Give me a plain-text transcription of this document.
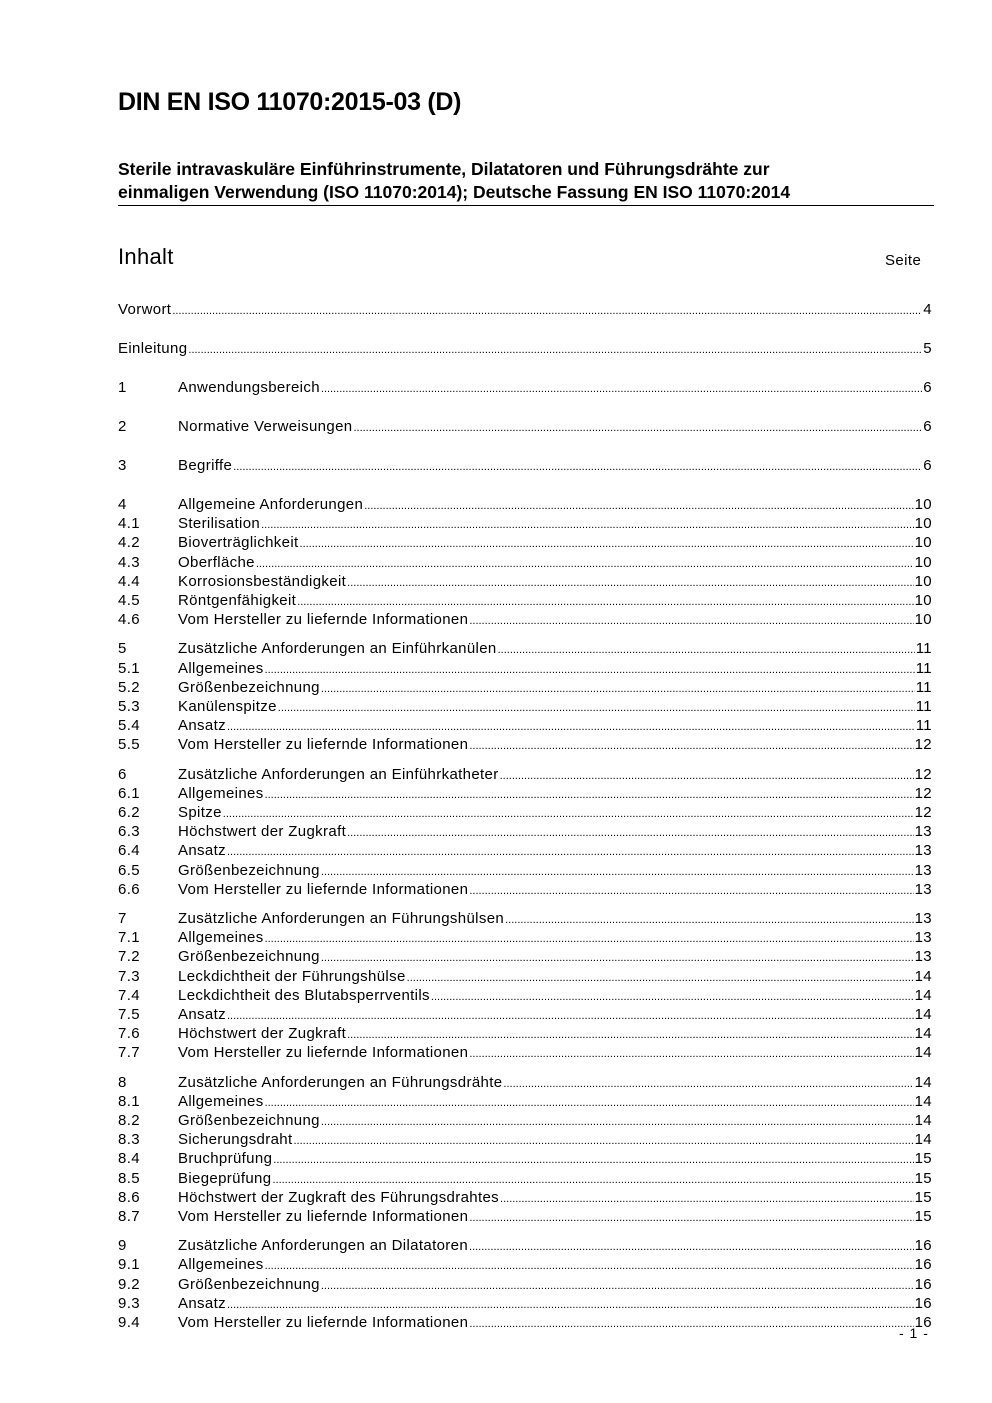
DIN EN ISO 11070:2015-03 (D)
Sterile intravaskuläre Einführinstrumente, Dilatatoren und Führungsdrähte zur
einmaligen Verwendung (ISO 11070:2014); Deutsche Fassung EN ISO 11070:2014
Inhalt	Seite
Vorwort .....	4
Einleitung .....	5
1	Anwendungsbereich .....	6
2	Normative Verweisungen .....	6
3	Begriffe .....	6
4	Allgemeine Anforderungen .....	10
4.1	Sterilisation .....	10
4.2	Bioverträglichkeit .....	10
4.3	Oberfläche .....	10
4.4	Korrosionsbeständigkeit .....	10
4.5	Röntgenfähigkeit .....	10
4.6	Vom Hersteller zu liefernde Informationen .....	10
5	Zusätzliche Anforderungen an Einführkanülen .....	11
5.1	Allgemeines .....	11
5.2	Größenbezeichnung .....	11
5.3	Kanülenspitze .....	11
5.4	Ansatz .....	11
5.5	Vom Hersteller zu liefernde Informationen .....	12
6	Zusätzliche Anforderungen an Einführkatheter .....	12
6.1	Allgemeines .....	12
6.2	Spitze .....	12
6.3	Höchstwert der Zugkraft .....	13
6.4	Ansatz .....	13
6.5	Größenbezeichnung .....	13
6.6	Vom Hersteller zu liefernde Informationen .....	13
7	Zusätzliche Anforderungen an Führungshülsen .....	13
7.1	Allgemeines .....	13
7.2	Größenbezeichnung .....	13
7.3	Leckdichtheit der Führungshülse .....	14
7.4	Leckdichtheit des Blutabsperrventils .....	14
7.5	Ansatz .....	14
7.6	Höchstwert der Zugkraft .....	14
7.7	Vom Hersteller zu liefernde Informationen .....	14
8	Zusätzliche Anforderungen an Führungsdrähte .....	14
8.1	Allgemeines .....	14
8.2	Größenbezeichnung .....	14
8.3	Sicherungsdraht .....	14
8.4	Bruchprüfung .....	15
8.5	Biegeprüfung .....	15
8.6	Höchstwert der Zugkraft des Führungsdrahtes .....	15
8.7	Vom Hersteller zu liefernde Informationen .....	15
9	Zusätzliche Anforderungen an Dilatatoren .....	16
9.1	Allgemeines .....	16
9.2	Größenbezeichnung .....	16
9.3	Ansatz .....	16
9.4	Vom Hersteller zu liefernde Informationen .....	16
- 1 -
